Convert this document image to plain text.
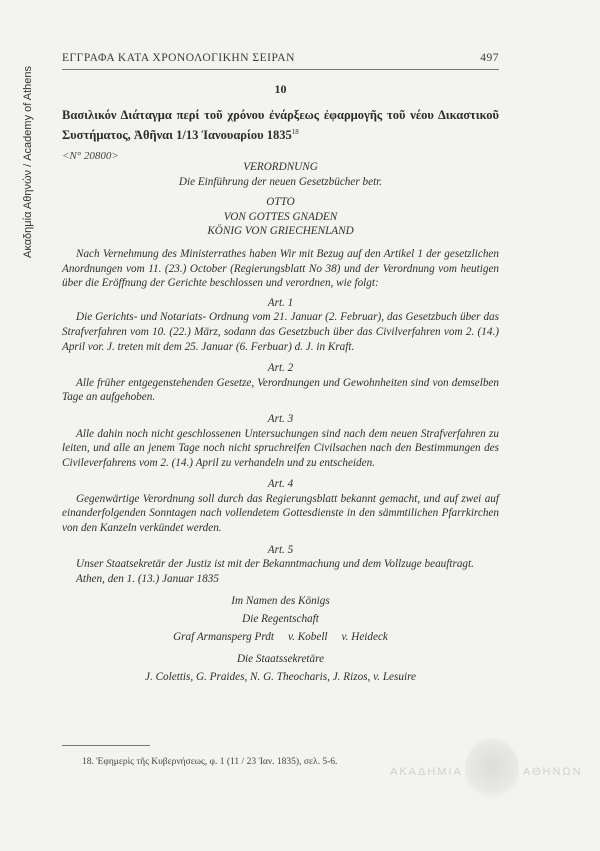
Ακαδημία Αθηνών / Academy of Athens
ΕΓΓΡΑΦΑ ΚΑΤΑ ΧΡΟΝΟΛΟΓΙΚΗΝ ΣΕΙΡΑΝ	497
10
Βασιλικόν Διάταγμα περί τοῦ χρόνου ἐνάρξεως ἐφαρμογῆς τοῦ νέου Δικαστικοῦ Συστήματος, Ἀθῆναι 1/13 Ἰανουαρίου $1835^{18}$
<N° 20800>
VERORDNUNG
Die Einführung der neuen Gesetzbücher betr.
OTTO
VON GOTTES GNADEN
KÖNIG VON GRIECHENLAND

Nach Vernehmung des Ministerrathes haben Wir mit Bezug auf den Artikel 1 der gesetzlichen Anordnungen vom 11. (23.) October (Regierungsblatt No 38) und der Verordnung vom heutigen über die Eröffnung der Gerichte beschlossen und verordnen, wie folgt:

Art. 1

Die Gerichts- und Notariats- Ordnung vom 21. Januar (2. Februar), das Gesetzbuch über das Strafverfahren vom 10. (22.) März, sodann das Gesetzbuch über das Civilverfahren vom 2. (14.) April vor. J. treten mit dem 25. Januar (6. Ferbuar) d. J. in Kraft.

Art. 2

Alle früher entgegenstehenden Gesetze, Verordnungen und Gewohnheiten sind von demselben Tage an aufgehoben.

Art. 3

Alle dahin noch nicht geschlossenen Untersuchungen sind nach dem neuen Strafverfahren zu leiten, und alle an jenem Tage noch nicht spruchreifen Civilsachen nach den Bestimmungen des Civileverfahrens vom 2. (14.) April zu verhandeln und zu entscheiden.

Art. 4

Gegenwärtige Verordnung soll durch das Regierungsblatt bekannt gemacht, und auf zwei auf einanderfolgenden Sonntagen nach vollendetem Gottesdienste in den sämmtilichen Pfarrkirchen von den Kanzeln verkündet werden.

Art. 5

Unser Staatsekretär der Justiz ist mit der Bekanntmachung und dem Vollzuge beauftragt.

Athen, den 1. (13.) Januar 1835

Im Namen des Königs
Die Regentschaft
Graf Armansperg Prdt     v. Kobell     v. Heideck
Die Staatssekretäre
J. Colettis, G. Praides, N. G. Theocharis, J. Rizos, v. Lesuire
18. Ἐφημερὶς τῆς Κυβερνήσεως, φ. 1 (11 / 23 Ἰαν. 1835), σελ. 5-6.
ΑΚΑΔΗΜΙΑ	ΑΘΗΝΩΝ
